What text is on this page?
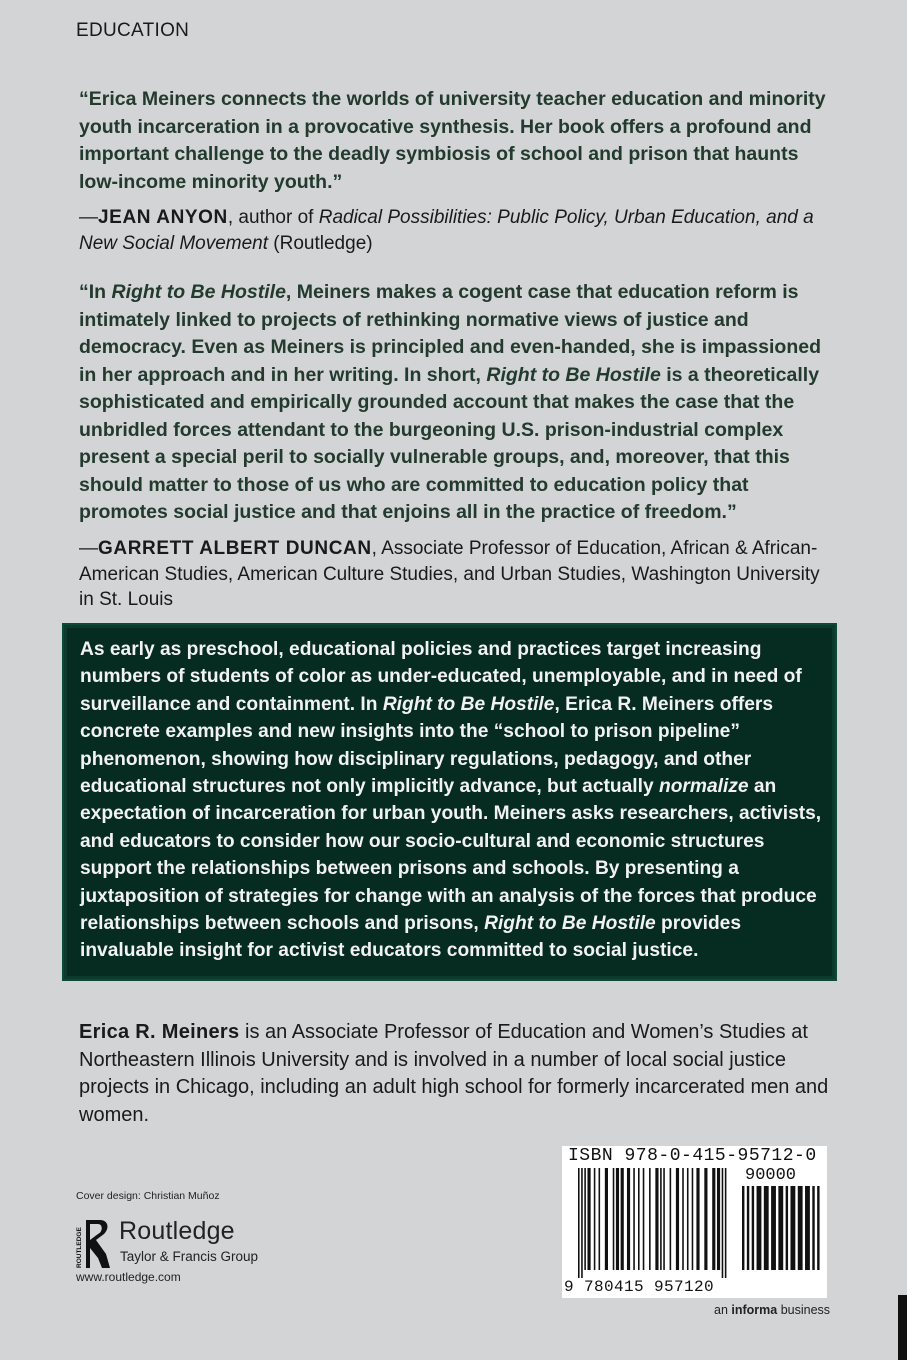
EDUCATION
“Erica Meiners connects the worlds of university teacher education and minority youth incarceration in a provocative synthesis. Her book offers a profound and important challenge to the deadly symbiosis of school and prison that haunts low-income minority youth.”
—JEAN ANYON, author of Radical Possibilities: Public Policy, Urban Education, and a New Social Movement (Routledge)
“In Right to Be Hostile, Meiners makes a cogent case that education reform is intimately linked to projects of rethinking normative views of justice and democracy. Even as Meiners is principled and even-handed, she is impassioned in her approach and in her writing. In short, Right to Be Hostile is a theoretically sophisticated and empirically grounded account that makes the case that the unbridled forces attendant to the burgeoning U.S. prison-industrial complex present a special peril to socially vulnerable groups, and, moreover, that this should matter to those of us who are committed to education policy that promotes social justice and that enjoins all in the practice of freedom.”
—GARRETT ALBERT DUNCAN, Associate Professor of Education, African & African-American Studies, American Culture Studies, and Urban Studies, Washington University in St. Louis
As early as preschool, educational policies and practices target increasing numbers of students of color as under-educated, unemployable, and in need of surveillance and containment. In Right to Be Hostile, Erica R. Meiners offers concrete examples and new insights into the “school to prison pipeline” phenomenon, showing how disciplinary regulations, pedagogy, and other educational structures not only implicitly advance, but actually normalize an expectation of incarceration for urban youth. Meiners asks researchers, activists, and educators to consider how our socio-cultural and economic structures support the relationships between prisons and schools. By presenting a juxtaposition of strategies for change with an analysis of the forces that produce relationships between schools and prisons, Right to Be Hostile provides invaluable insight for activist educators committed to social justice.
Erica R. Meiners is an Associate Professor of Education and Women’s Studies at Northeastern Illinois University and is involved in a number of local social justice projects in Chicago, including an adult high school for formerly incarcerated men and women.
Cover design: Christian Muñoz
ROUTLEDGE Routledge
Taylor & Francis Group
www.routledge.com
ISBN 978-0-415-95712-0
90000
9 780415 957120
an informa business
